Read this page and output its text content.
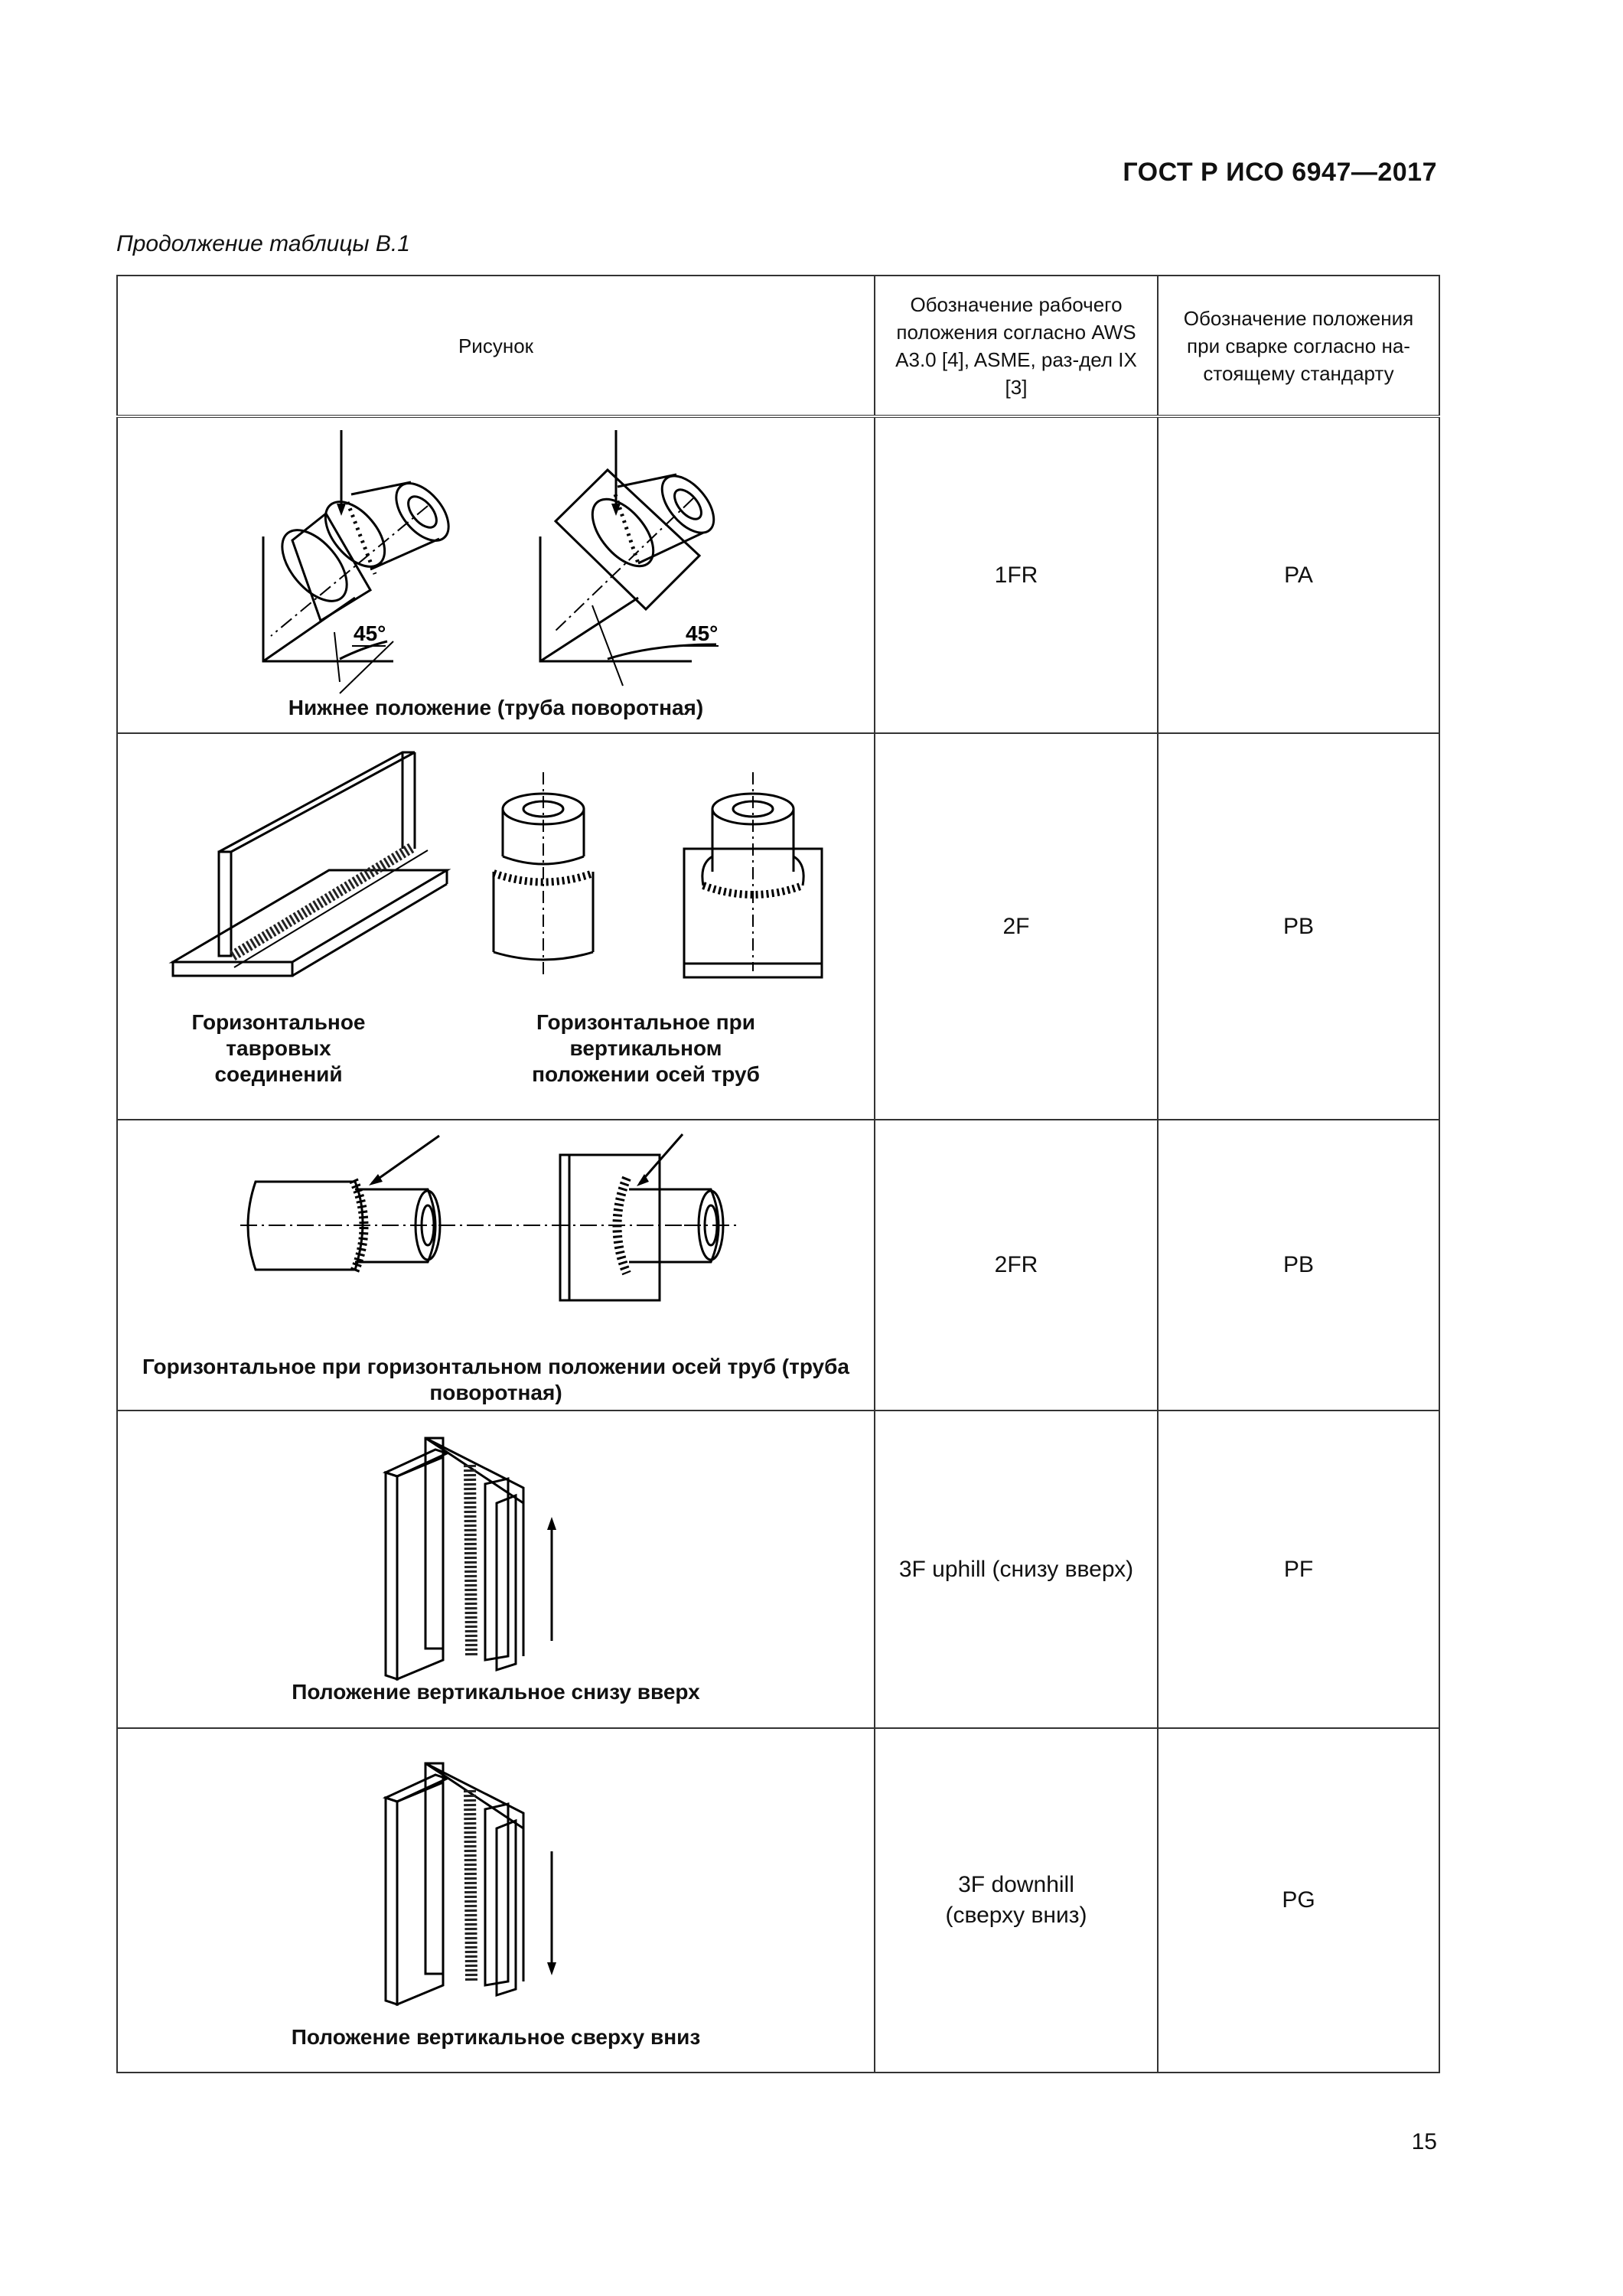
ГОСТ Р ИСО 6947—2017
Продолжение таблицы В.1
Рисунок	Обозначение рабочего положения согласно AWS A3.0 [4], ASME, раз-дел IX [3]	Обозначение положения при сварке согласно на-стоящему стандарту

45° 45°
Нижнее положение (труба поворотная)	1FR	PA

Горизонтальное тавровых соединений
Горизонтальное при вертикальном положении осей труб	2F	PB

Горизонтальное при горизонтальном положении осей труб (труба поворотная)	2FR	PB

Положение вертикальное снизу вверх	3F uphill (снизу вверх)	PF

Положение вертикальное сверху вниз	3F downhill (сверху вниз)	PG
15
